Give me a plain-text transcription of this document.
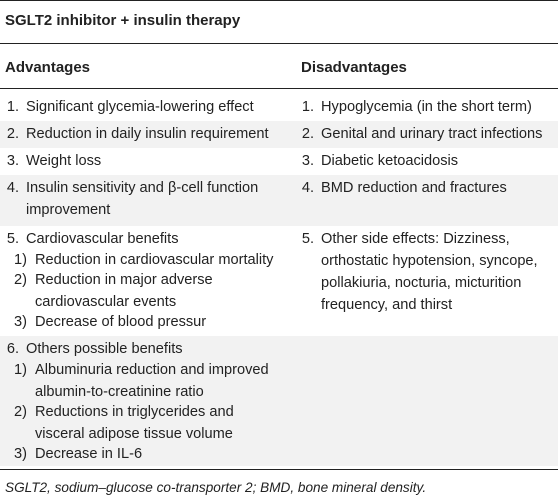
SGLT2 inhibitor + insulin therapy
Advantages	Disadvantages
1. Significant glycemia-lowering effect
2. Reduction in daily insulin requirement
3. Weight loss
4. Insulin sensitivity and β-cell function
improvement
5. Cardiovascular benefits
1) Reduction in cardiovascular mortality
2) Reduction in major adverse
cardiovascular events
3) Decrease of blood pressur
6. Others possible benefits
1) Albuminuria reduction and improved
albumin-to-creatinine ratio
2) Reductions in triglycerides and
visceral adipose tissue volume
3) Decrease in IL-6
1. Hypoglycemia (in the short term)
2. Genital and urinary tract infections
3. Diabetic ketoacidosis
4. BMD reduction and fractures
5. Other side effects: Dizziness,
orthostatic hypotension, syncope,
pollakiuria, nocturia, micturition
frequency, and thirst
SGLT2, sodium–glucose co-transporter 2; BMD, bone mineral density.
